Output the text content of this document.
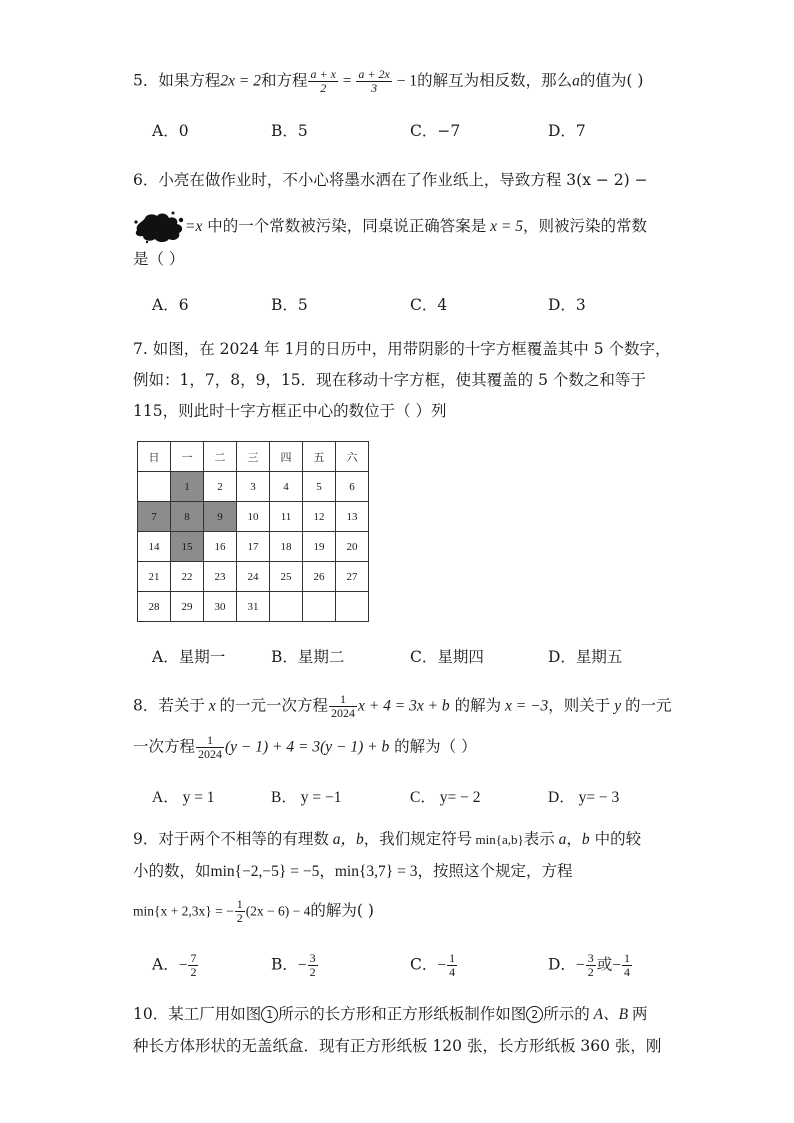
5．如果方程2x = 2和方程 $\frac{a + x}{2} = \frac{a + 2x}{3} - 1$的解互为相反数，那么a的值为( )
A．0	B．5	C．−7	D．7
6．小亮在做作业时，不小心将墨水洒在了作业纸上，导致方程 3(x − 2) −
=x 中的一个常数被污染，同桌说正确答案是 x = 5，则被污染的常数
是（ ）
A．6	B．5	C．4	D．3
7. 如图，在 2024 年 1月的日历中，用带阴影的十字方框覆盖其中 5 个数字，
例如：1，7，8，9，15．现在移动十字方框，使其覆盖的 5 个数之和等于
115，则此时十字方框正中心的数位于（ ）列
日	一	二	三	四	五	六
	1	2	3	4	5	6
7	8	9	10	11	12	13
14	15	16	17	18	19	20
21	22	23	24	25	26	27
28	29	30	31			
A．星期一	B．星期二	C．星期四	D．星期五
8．若关于 x 的一元一次方程 $\frac{1}{2024}$ x + 4 = 3x + b 的解为 x = −3，则关于 y 的一元
一次方程 $\frac{1}{2024} (y - 1) + 4 = 3(y - 1) + b$ 的解为（ ）
A． y = 1	B． y = −1	C． y= − 2	D． y= − 3
9．对于两个不相等的有理数 a，b，我们规定符号 min{a,b}表示 a，b 中的较
小的数，如min{−2,−5} = −5，min{3,7} = 3，按照这个规定，方程
min{x + 2,3x} = − $\frac{1}{2} (2x - 6) - 4$的解为( )
A．− $\frac{7}{2}$	B．− $\frac{3}{2}$	C．− $\frac{1}{4}$	D．− $\frac{3}{2}$ 或− $\frac{1}{4}$
10．某工厂用如图 1 所示的长方形和正方形纸板制作如图 2 所示的 A、B 两
种长方体形状的无盖纸盒．现有正方形纸板 120 张，长方形纸板 360 张，刚
